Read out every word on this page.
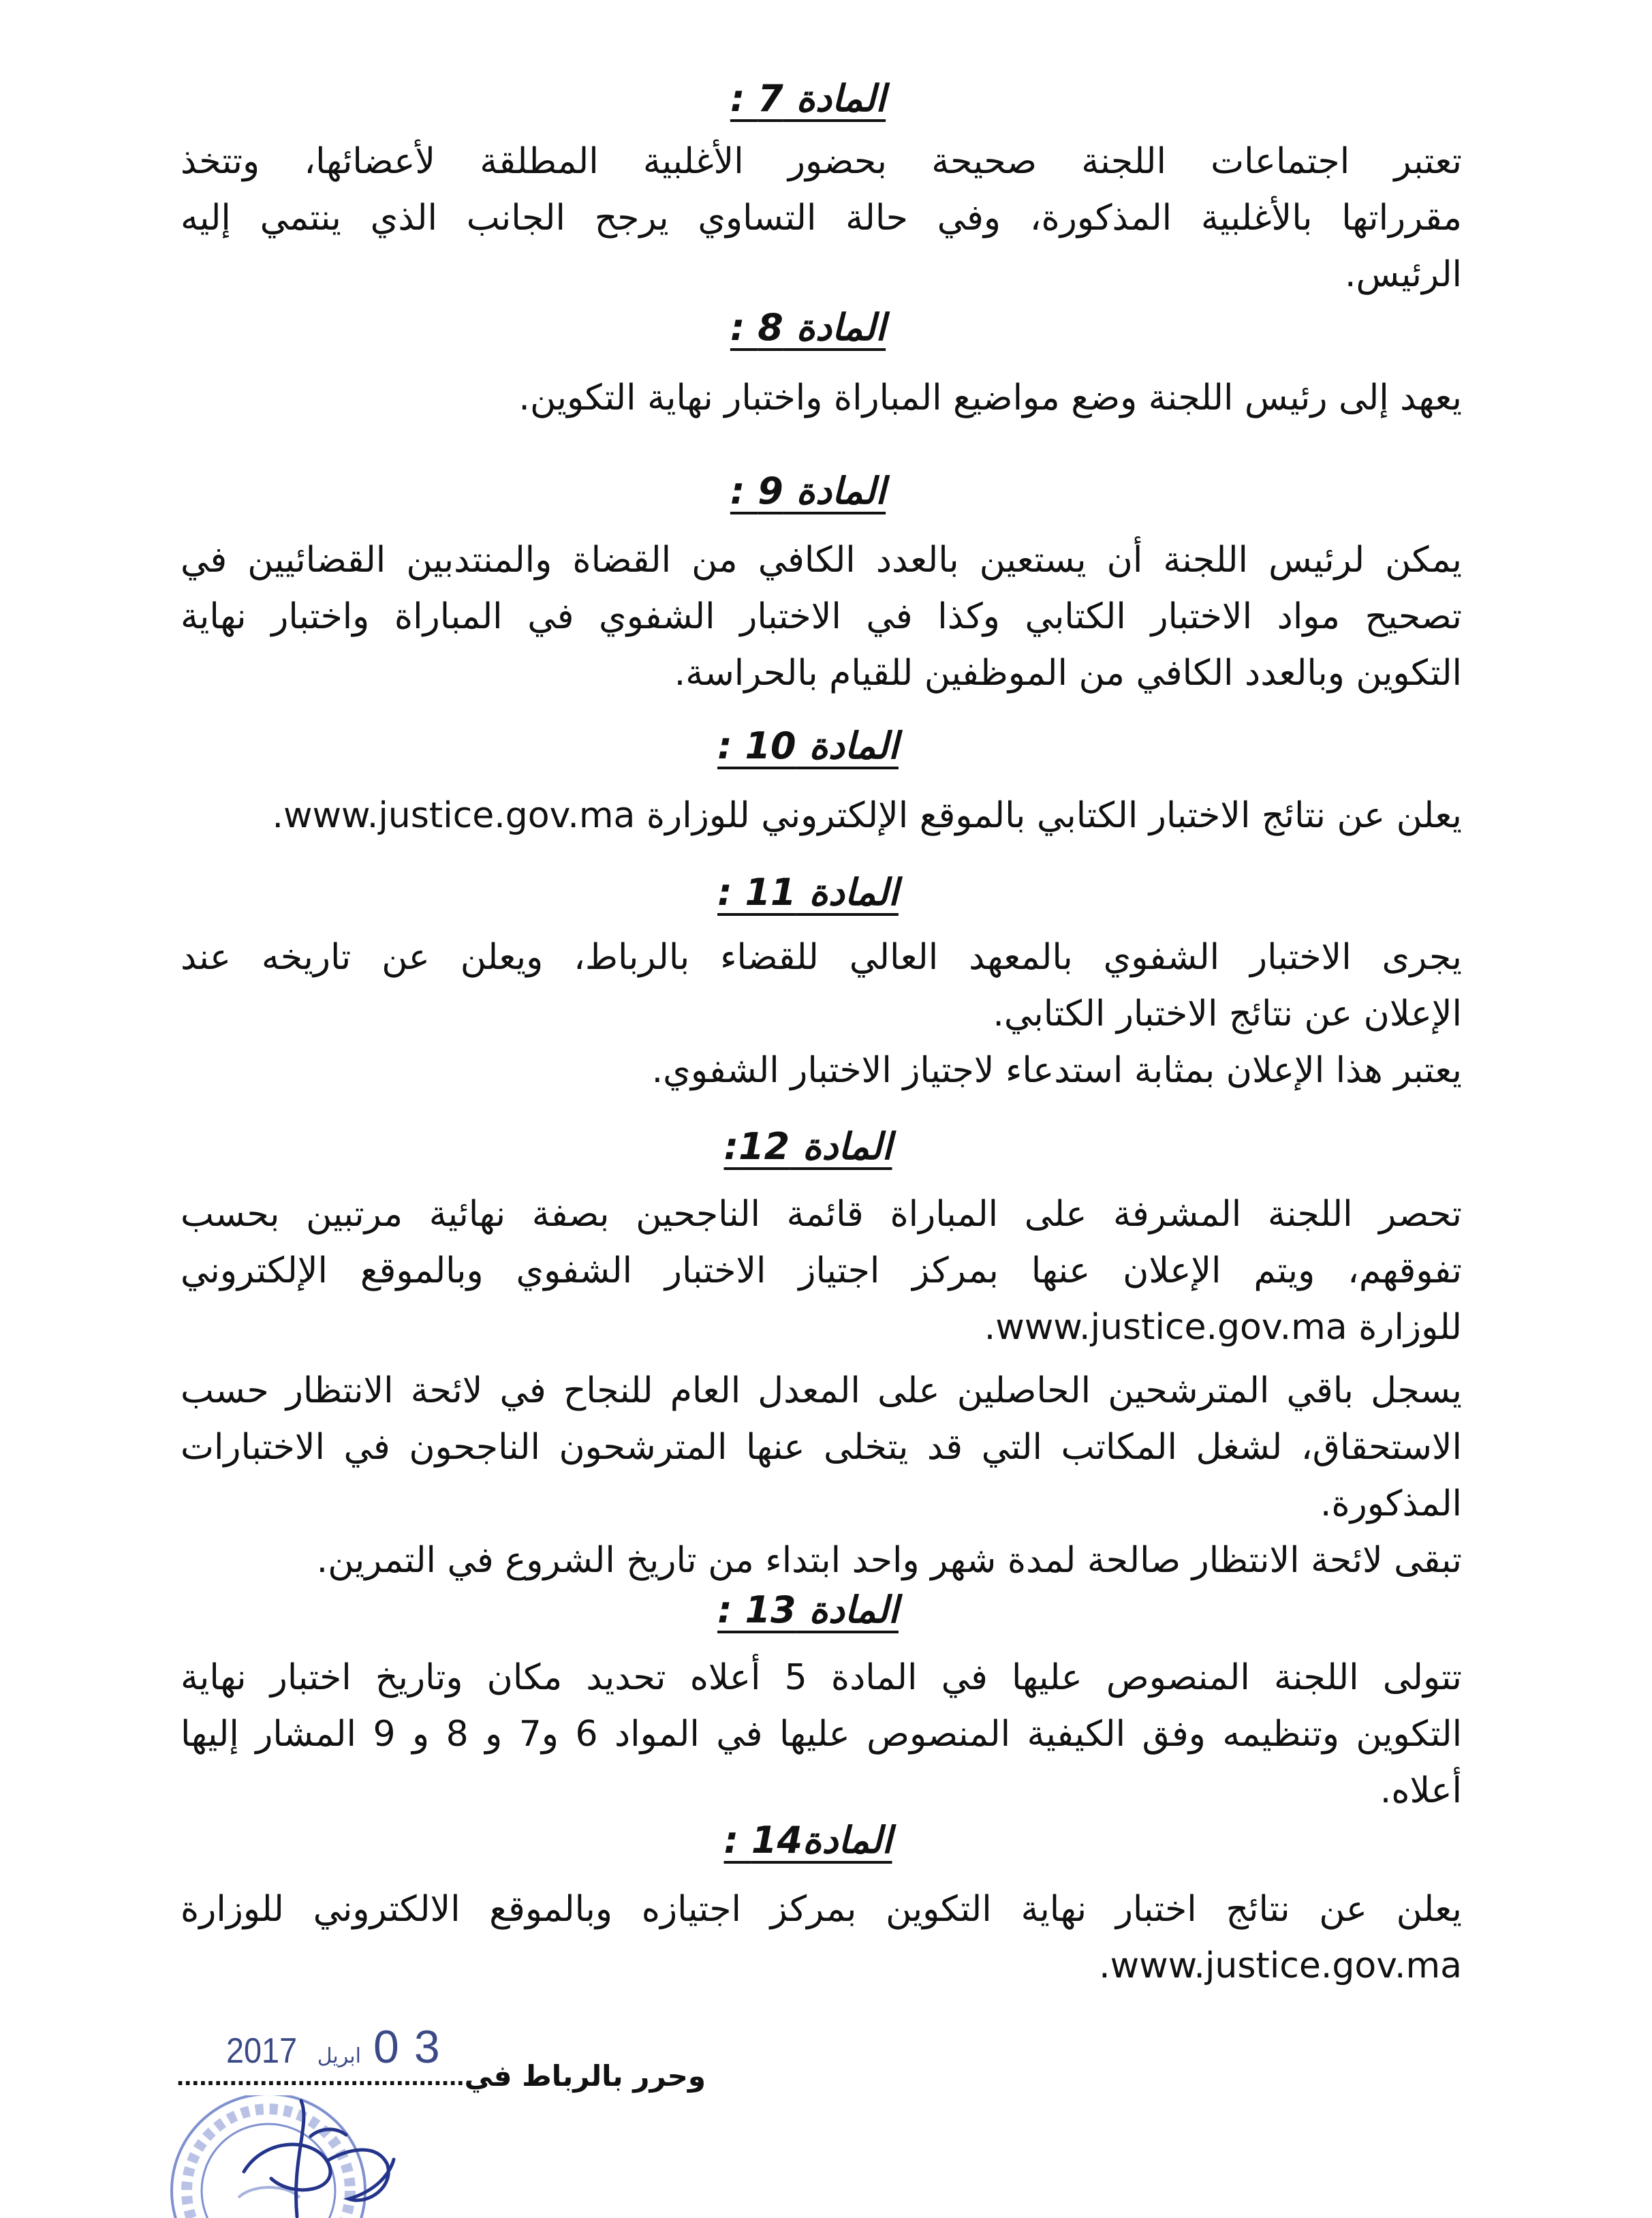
المادة 7 :
تعتبر اجتماعات اللجنة صحيحة بحضور الأغلبية المطلقة لأعضائها، وتتخذ
مقرراتها بالأغلبية المذكورة، وفي حالة التساوي يرجح الجانب الذي ينتمي إليه
الرئيس.
المادة 8 :
يعهد إلى رئيس اللجنة وضع مواضيع المباراة واختبار نهاية التكوين.
المادة 9 :
يمكن لرئيس اللجنة أن يستعين بالعدد الكافي من القضاة والمنتدبين القضائيين في
تصحيح مواد الاختبار الكتابي وكذا في الاختبار الشفوي في المباراة واختبار نهاية
التكوين وبالعدد الكافي من الموظفين للقيام بالحراسة.
المادة 10 :
يعلن عن نتائج الاختبار الكتابي بالموقع الإلكتروني للوزارة www.justice.gov.ma.
المادة 11 :
يجرى الاختبار الشفوي بالمعهد العالي للقضاء بالرباط، ويعلن عن تاريخه عند
الإعلان عن نتائج الاختبار الكتابي.
يعتبر هذا الإعلان بمثابة استدعاء لاجتياز الاختبار الشفوي.
المادة 12:
تحصر اللجنة المشرفة على المباراة قائمة الناجحين بصفة نهائية مرتبين بحسب
تفوقهم، ويتم الإعلان عنها بمركز اجتياز الاختبار الشفوي وبالموقع الإلكتروني
للوزارة www.justice.gov.ma.
يسجل باقي المترشحين الحاصلين على المعدل العام للنجاح في لائحة الانتظار حسب
الاستحقاق، لشغل المكاتب التي قد يتخلى عنها المترشحون الناجحون في الاختبارات
المذكورة.
تبقى لائحة الانتظار صالحة لمدة شهر واحد ابتداء من تاريخ الشروع في التمرين.
المادة 13 :
تتولى اللجنة المنصوص عليها في المادة 5 أعلاه تحديد مكان وتاريخ اختبار نهاية
التكوين وتنظيمه وفق الكيفية المنصوص عليها في المواد 6 و7 و 8 و 9 المشار إليها
أعلاه.
المادة14 :
يعلن عن نتائج اختبار نهاية التكوين بمركز اجتيازه وبالموقع الالكتروني للوزارة
www.justice.gov.ma.
2017 ابريل 03
...................................... وحرر بالرباط في
